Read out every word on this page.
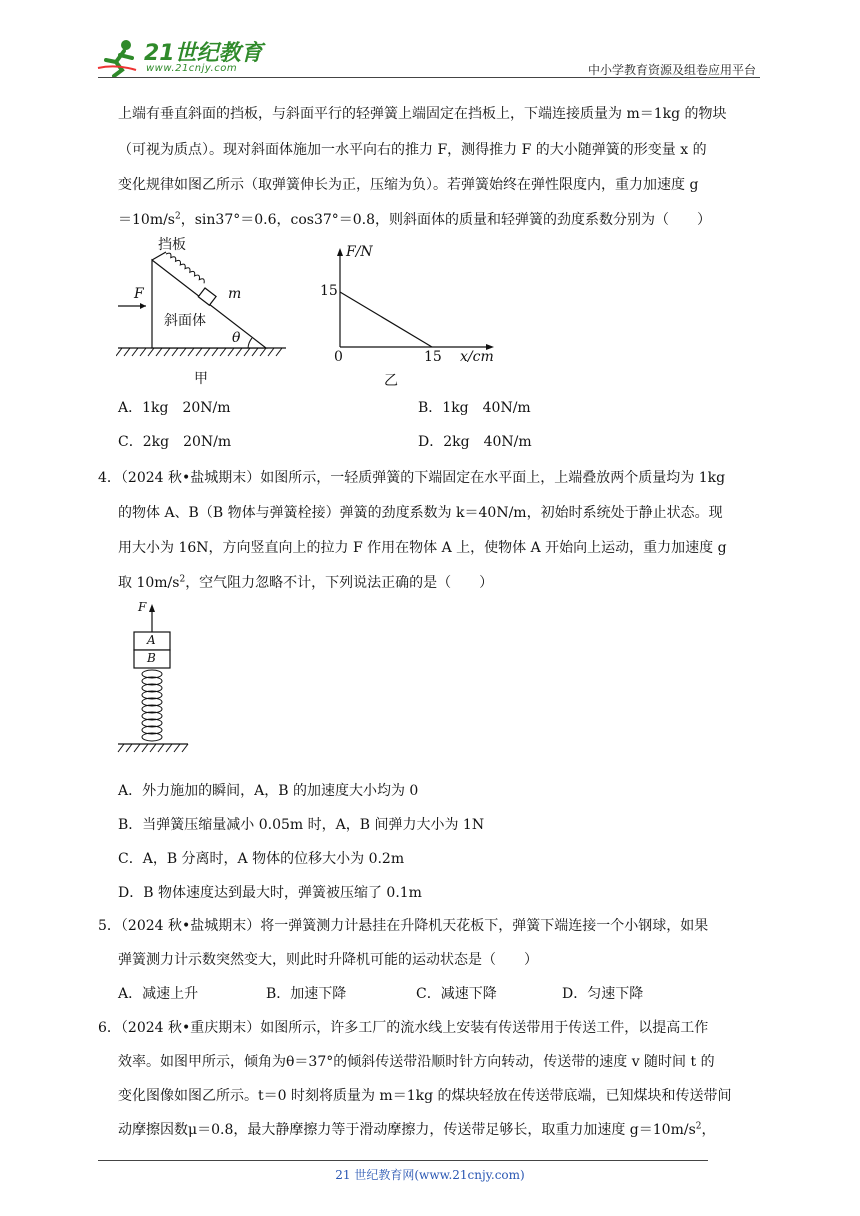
21世纪教育
www.21cnjy.com	中小学教育资源及组卷应用平台
上端有垂直斜面的挡板，与斜面平行的轻弹簧上端固定在挡板上，下端连接质量为 m＝1kg 的物块
（可视为质点）。现对斜面体施加一水平向右的推力 F，测得推力 F 的大小随弹簧的形变量 x 的
变化规律如图乙所示（取弹簧伸长为正，压缩为负）。若弹簧始终在弹性限度内，重力加速度 g
$=10m/s^2$，sin37°＝0.6，cos37°＝0.8，则斜面体的质量和轻弹簧的劲度系数分别为（　　）
挡板
F	m
斜面体
θ
甲
F/N
15
0	15 x/cm
乙
A．1kg　20N/m	B．1kg　40N/m
C．2kg　20N/m	D．2kg　40N/m
4．（2024 秋•盐城期末）如图所示，一轻质弹簧的下端固定在水平面上，上端叠放两个质量均为 1kg
的物体 A、B（B 物体与弹簧栓接）弹簧的劲度系数为 k＝40N/m，初始时系统处于静止状态。现
用大小为 16N，方向竖直向上的拉力 F 作用在物体 A 上，使物体 A 开始向上运动，重力加速度 g
取 $10m/s^2$，空气阻力忽略不计，下列说法正确的是（　　）
F
A
B
A．外力施加的瞬间，A，B 的加速度大小均为 0
B．当弹簧压缩量减小 0.05m 时，A，B 间弹力大小为 1N
C．A，B 分离时，A 物体的位移大小为 0.2m
D．B 物体速度达到最大时，弹簧被压缩了 0.1m
5．（2024 秋•盐城期末）将一弹簧测力计悬挂在升降机天花板下，弹簧下端连接一个小钢球，如果
弹簧测力计示数突然变大，则此时升降机可能的运动状态是（　　）
A．减速上升	B．加速下降	C．减速下降	D．匀速下降
6．（2024 秋•重庆期末）如图所示，许多工厂的流水线上安装有传送带用于传送工件，以提高工作
效率。如图甲所示，倾角为θ＝37°的倾斜传送带沿顺时针方向转动，传送带的速度 v 随时间 t 的
变化图像如图乙所示。t＝0 时刻将质量为 m＝1kg 的煤块轻放在传送带底端，已知煤块和传送带间
动摩擦因数μ＝0.8，最大静摩擦力等于滑动摩擦力，传送带足够长，取重力加速度 $g=10m/s^2$，
21 世纪教育网(www.21cnjy.com)
